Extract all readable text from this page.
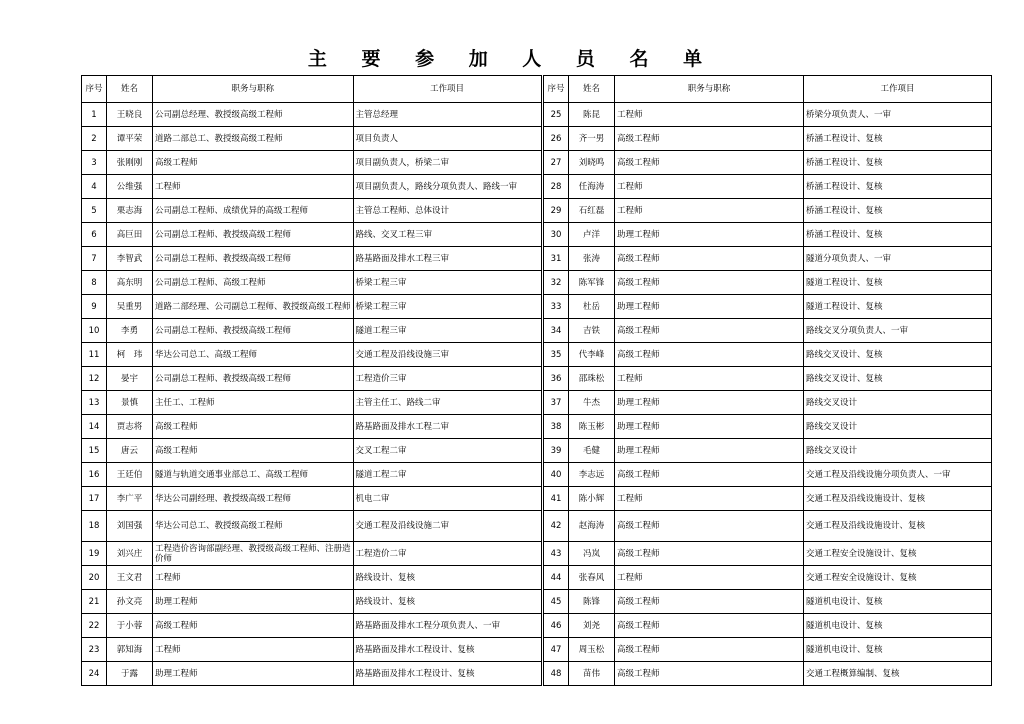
主 要 参 加 人 员 名 单
序号	姓名	职务与职称	工作项目
1	王晓良	公司副总经理、教授级高级工程师	主管总经理
2	谭平荣	道路二部总工、教授级高级工程师	项目负责人
3	张刚刚	高级工程师	项目副负责人，桥梁二审
4	公维强	工程师	项目副负责人，路线分项负责人、路线一审
5	栗志海	公司副总工程师、成绩优异的高级工程师	主管总工程师、总体设计
6	高巨田	公司副总工程师、教授级高级工程师	路线、交叉工程三审
7	李智武	公司副总工程师、教授级高级工程师	路基路面及排水工程三审
8	高东明	公司副总工程师、高级工程师	桥梁工程三审
9	吴重男	道路二部经理、公司副总工程师、教授级高级工程师	桥梁工程三审
10	李勇	公司副总工程师、教授级高级工程师	隧道工程三审
11	柯　玮	华达公司总工、高级工程师	交通工程及沿线设施三审
12	晏宇	公司副总工程师、教授级高级工程师	工程造价三审
13	景慎	主任工、工程师	主管主任工、路线二审
14	贾志将	高级工程师	路基路面及排水工程二审
15	唐云	高级工程师	交叉工程二审
16	王廷伯	隧道与轨道交通事业部总工、高级工程师	隧道工程二审
17	李广平	华达公司副经理、教授级高级工程师	机电二审
18	刘国强	华达公司总工、教授级高级工程师	交通工程及沿线设施二审
19	刘兴庄	工程造价咨询部副经理、教授级高级工程师、注册造价师	工程造价二审
20	王文君	工程师	路线设计、复核
21	孙文亮	助理工程师	路线设计、复核
22	于小蓉	高级工程师	路基路面及排水工程分项负责人、一审
23	郭知海	工程师	路基路面及排水工程设计、复核
24	于露	助理工程师	路基路面及排水工程设计、复核
序号	姓名	职务与职称	工作项目
25	陈昆	工程师	桥梁分项负责人、一审
26	齐一男	高级工程师	桥涵工程设计、复核
27	刘晓鸣	高级工程师	桥涵工程设计、复核
28	任海涛	工程师	桥涵工程设计、复核
29	石红磊	工程师	桥涵工程设计、复核
30	卢洋	助理工程师	桥涵工程设计、复核
31	张涛	高级工程师	隧道分项负责人、一审
32	陈军锋	高级工程师	隧道工程设计、复核
33	杜岳	助理工程师	隧道工程设计、复核
34	吉铁	高级工程师	路线交叉分项负责人、一审
35	代李峰	高级工程师	路线交叉设计、复核
36	邵珠松	工程师	路线交叉设计、复核
37	牛杰	助理工程师	路线交叉设计
38	陈玉彬	助理工程师	路线交叉设计
39	毛健	助理工程师	路线交叉设计
40	李志远	高级工程师	交通工程及沿线设施分项负责人、一审
41	陈小辉	工程师	交通工程及沿线设施设计、复核
42	赵海涛	高级工程师	交通工程及沿线设施设计、复核
43	冯岚	高级工程师	交通工程安全设施设计、复核
44	张春风	工程师	交通工程安全设施设计、复核
45	陈锋	高级工程师	隧道机电设计、复核
46	刘尧	高级工程师	隧道机电设计、复核
47	周玉松	高级工程师	隧道机电设计、复核
48	苗伟	高级工程师	交通工程概算编制、复核
